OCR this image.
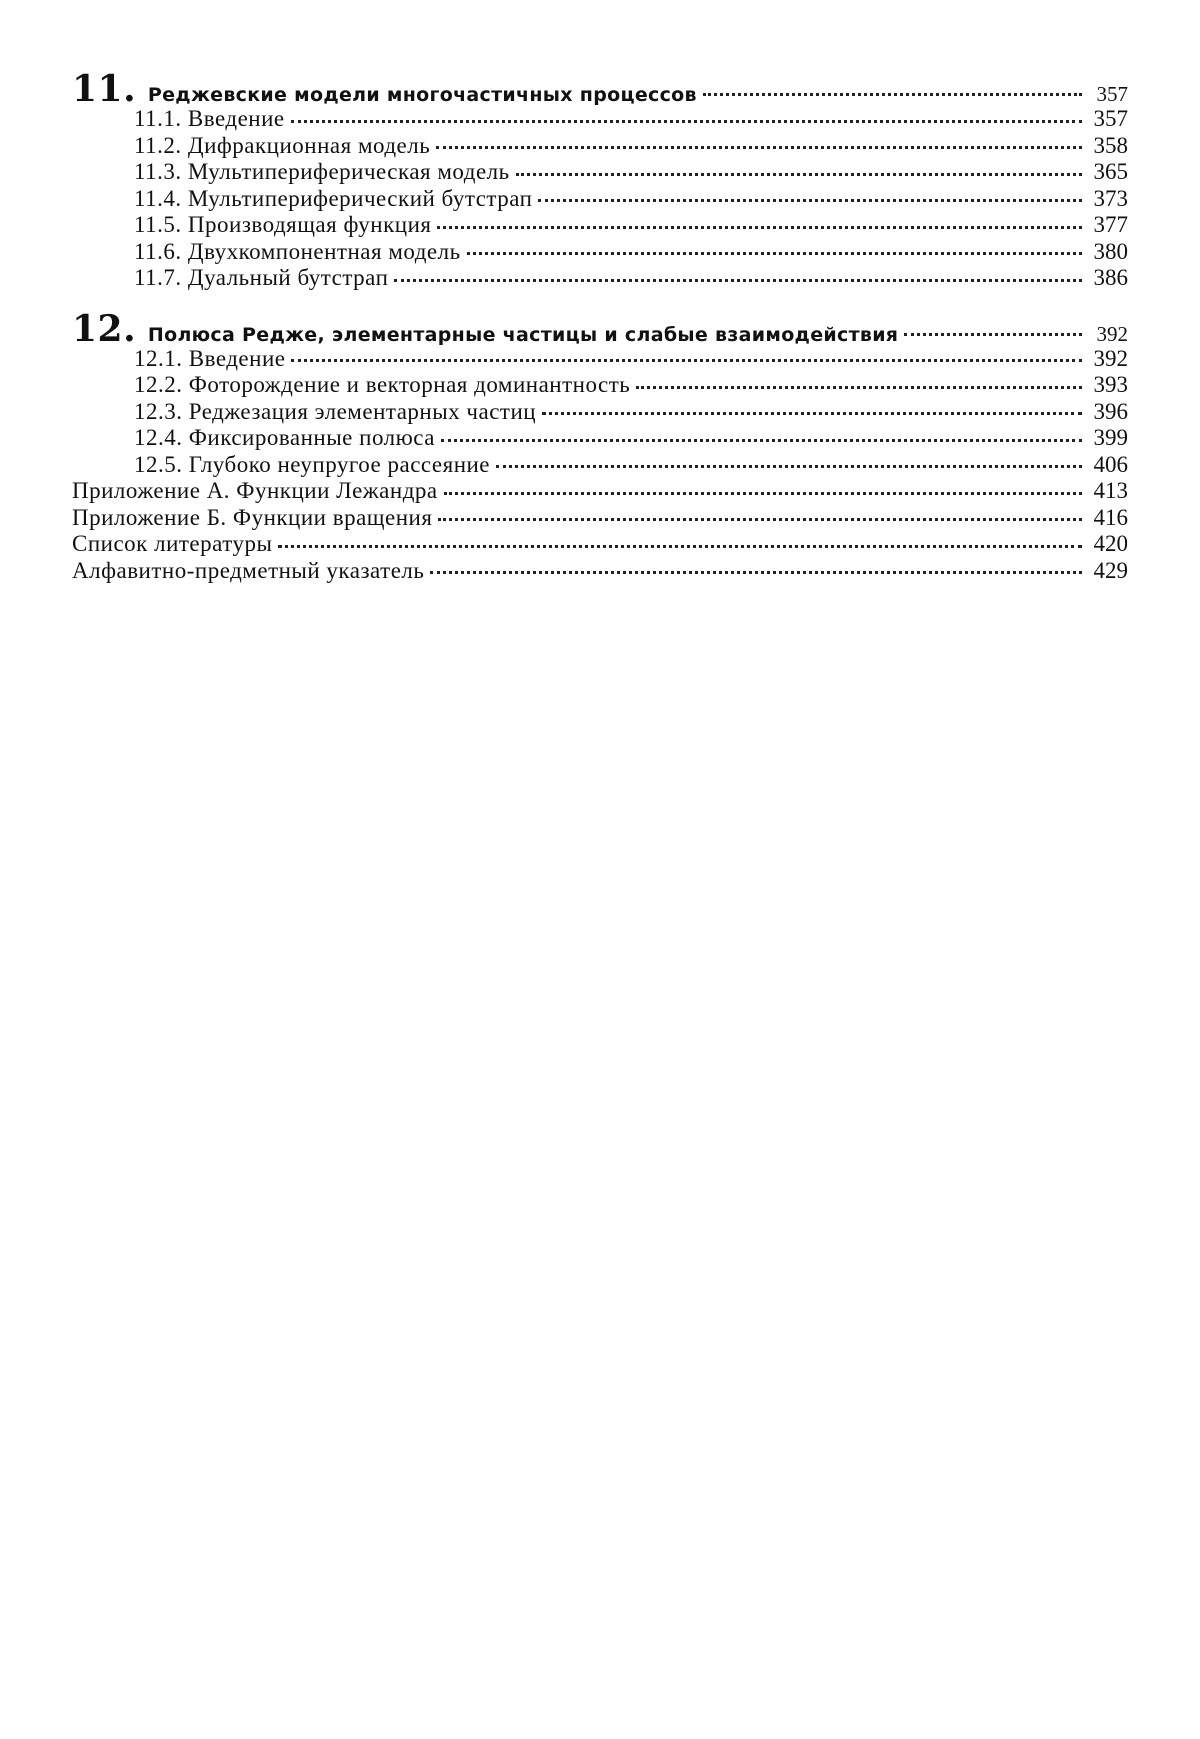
11. Реджевские модели многочастичных процессов	357
11.1. Введение	357
11.2. Дифракционная модель	358
11.3. Мультипериферическая модель	365
11.4. Мультипериферический бутстрап	373
11.5. Производящая функция	377
11.6. Двухкомпонентная модель	380
11.7. Дуальный бутстрап	386
12. Полюса Редже, элементарные частицы и слабые взаимодействия	392
12.1. Введение	392
12.2. Фоторождение и векторная доминантность	393
12.3. Реджезация элементарных частиц	396
12.4. Фиксированные полюса	399
12.5. Глубоко неупругое рассеяние	406
Приложение А. Функции Лежандра	413
Приложение Б. Функции вращения	416
Список литературы	420
Алфавитно-предметный указатель	429
